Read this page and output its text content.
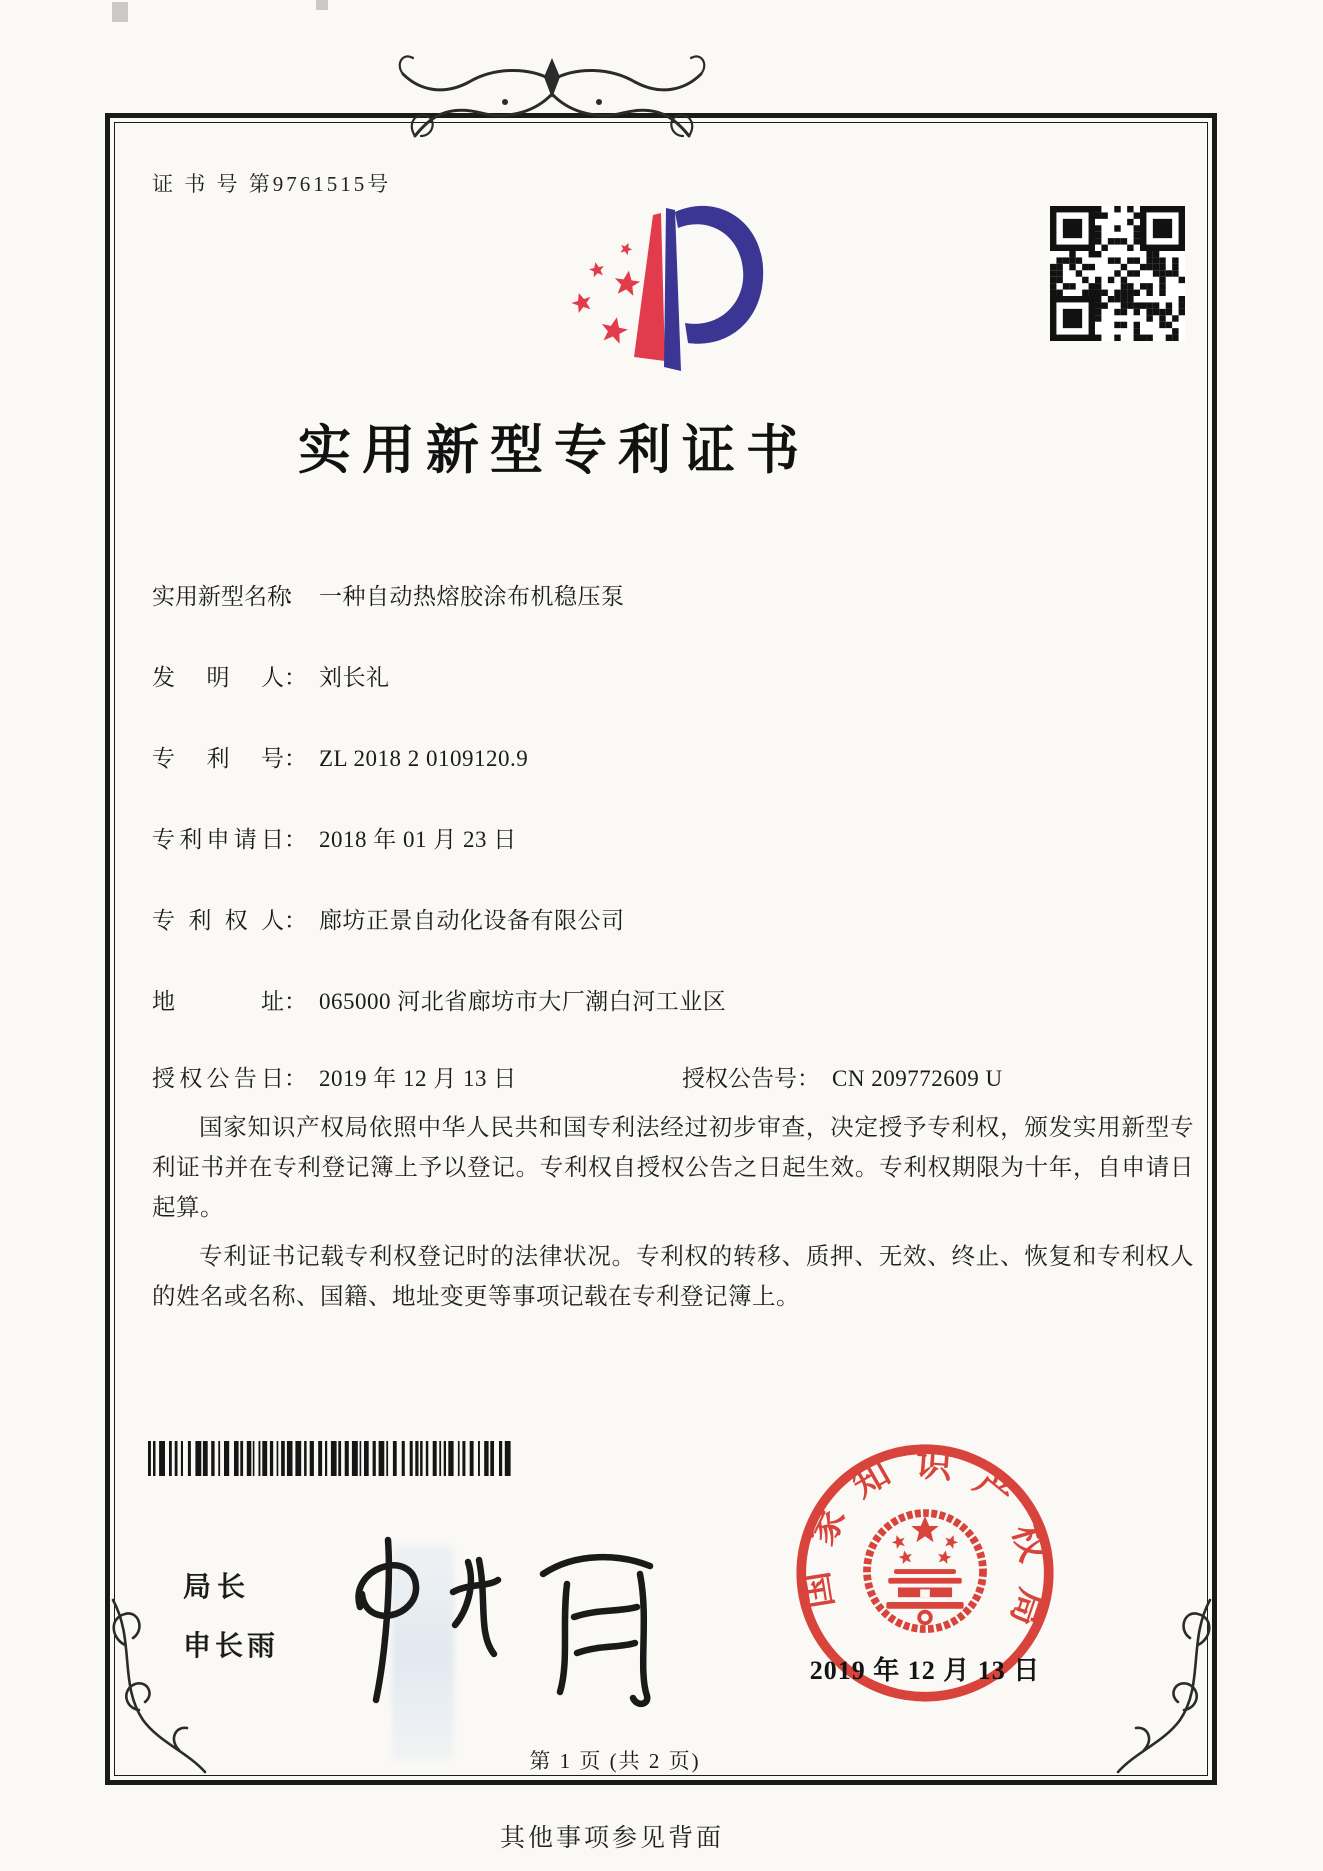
证 书 号 第9761515号
实用新型专利证书
实用新型名称： 一种自动热熔胶涂布机稳压泵
发明人： 刘长礼
专利号： ZL 2018 2 0109120.9
专利申请日： 2018 年 01 月 23 日
专利权人： 廊坊正景自动化设备有限公司
地址： 065000 河北省廊坊市大厂潮白河工业区
授权公告日： 2019 年 12 月 13 日	授权公告号： CN 209772609 U

国家知识产权局依照中华人民共和国专利法经过初步审查，决定授予专利权，颁发实用新型专利证书并在专利登记簿上予以登记。专利权自授权公告之日起生效。专利权期限为十年，自申请日起算。

专利证书记载专利权登记时的法律状况。专利权的转移、质押、无效、终止、恢复和专利权人的姓名或名称、国籍、地址变更等事项记载在专利登记簿上。

局长
申长雨
国家知识产权局
2019 年 12 月 13 日
第 1 页 (共 2 页)
其他事项参见背面
